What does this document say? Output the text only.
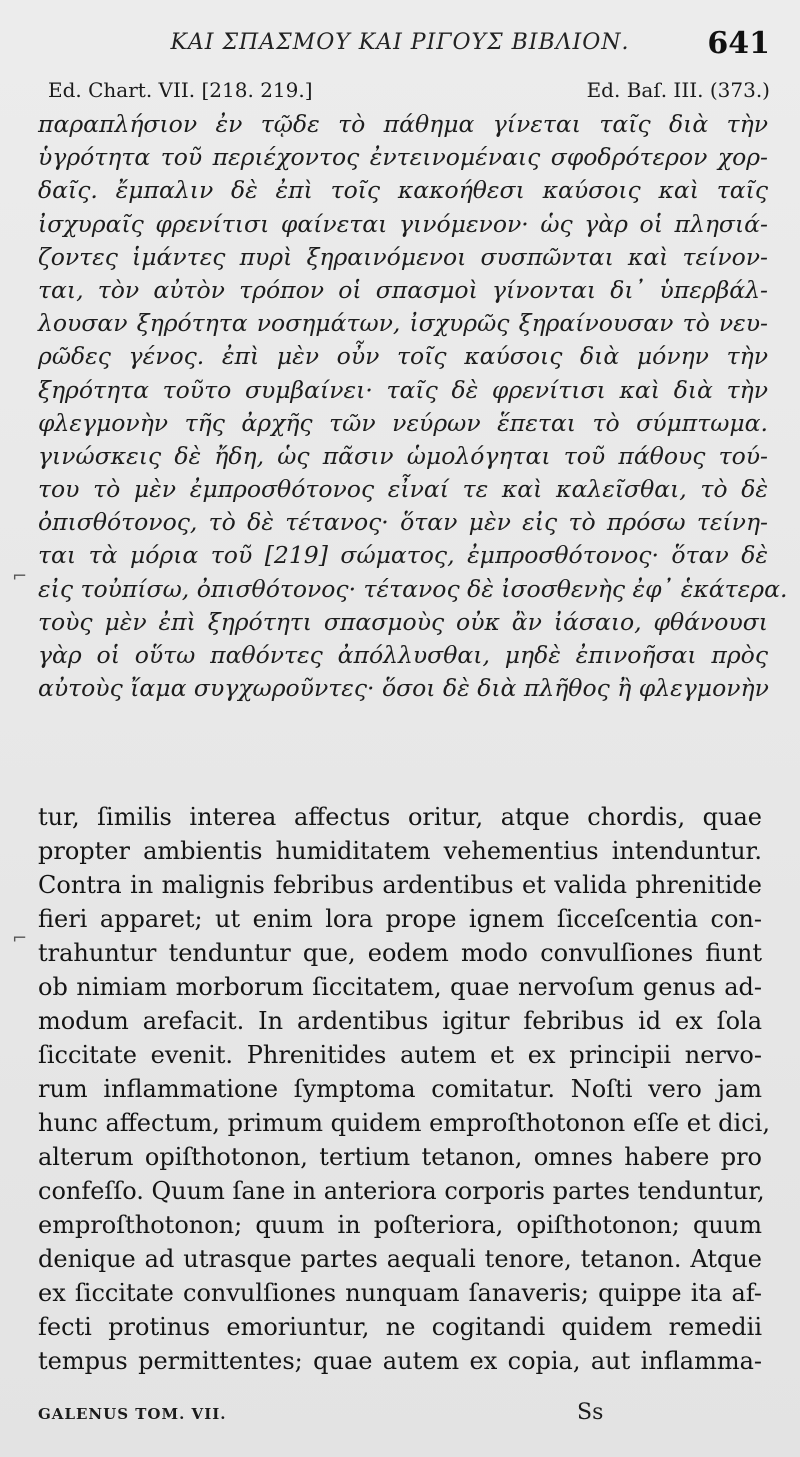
ΚΑΙ ΣΠΑΣΜΟΥ ΚΑΙ ΡΙΓΟΥΣ ΒΙΒΛΙΟΝ.	641
Ed. Chart. VII. [218. 219.]	Ed. Baſ. III. (373.)
παραπλήσιον ἐν τῷδε τὸ πάθημα γίνεται ταῖς διὰ τὴν
ὑγρότητα τοῦ περιέχοντος ἐντεινομέναις σφοδρότερον χορ-
δαῖς. ἔμπαλιν δὲ ἐπὶ τοῖς κακοήθεσι καύσοις καὶ ταῖς
ἰσχυραῖς φρενίτισι φαίνεται γινόμενον· ὡς γὰρ οἱ πλησιά-
ζοντες ἱμάντες πυρὶ ξηραινόμενοι συσπῶνται καὶ τείνον-
ται, τὸν αὐτὸν τρόπον οἱ σπασμοὶ γίνονται δι᾽ ὑπερβάλ-
λουσαν ξηρότητα νοσημάτων, ἰσχυρῶς ξηραίνουσαν τὸ νευ-
ρῶδες γένος. ἐπὶ μὲν οὖν τοῖς καύσοις διὰ μόνην τὴν
ξηρότητα τοῦτο συμβαίνει· ταῖς δὲ φρενίτισι καὶ διὰ τὴν
φλεγμονὴν τῆς ἀρχῆς τῶν νεύρων ἕπεται τὸ σύμπτωμα.
γινώσκεις δὲ ἤδη, ὡς πᾶσιν ὡμολόγηται τοῦ πάθους τού-
του τὸ μὲν ἐμπροσθότονος εἶναί τε καὶ καλεῖσθαι, τὸ δὲ
ὀπισθότονος, τὸ δὲ τέτανος· ὅταν μὲν εἰς τὸ πρόσω τείνη-
ται τὰ μόρια τοῦ [219] σώματος, ἐμπροσθότονος· ὅταν δὲ
εἰς τοὐπίσω, ὀπισθότονος· τέτανος δὲ ἰσοσθενὴς ἐφ᾽ ἑκάτερα.
τοὺς μὲν ἐπὶ ξηρότητι σπασμοὺς οὐκ ἂν ἰάσαιο, φθάνουσι
γὰρ οἱ οὕτω παθόντες ἀπόλλυσθαι, μηδὲ ἐπινοῆσαι πρὸς
αὐτοὺς ἴαμα συγχωροῦντες· ὅσοι δὲ διὰ πλῆθος ἢ φλεγμονὴν
tur, ſimilis interea affectus oritur, atque chordis, quae
propter ambientis humiditatem vehementius intenduntur.
Contra in malignis febribus ardentibus et valida phrenitide
fieri apparet; ut enim lora prope ignem ſicceſcentia con-
trahuntur tenduntur que, eodem modo convulſiones fiunt
ob nimiam morborum ſiccitatem, quae nervoſum genus ad-
modum arefacit. In ardentibus igitur febribus id ex ſola
ſiccitate evenit. Phrenitides autem et ex principii nervo-
rum inflammatione ſymptoma comitatur. Noſti vero jam
hunc affectum, primum quidem emproſthotonon eſſe et dici,
alterum opiſthotonon, tertium tetanon, omnes habere pro
confeſſo. Quum ſane in anteriora corporis partes tenduntur,
emproſthotonon; quum in poſteriora, opiſthotonon; quum
denique ad utrasque partes aequali tenore, tetanon. Atque
ex ſiccitate convulſiones nunquam ſanaveris; quippe ita af-
fecti protinus emoriuntur, ne cogitandi quidem remedii
tempus permittentes; quae autem ex copia, aut inflamma-
GALENUS TOM. VII.	Ss
⌐
⌐
